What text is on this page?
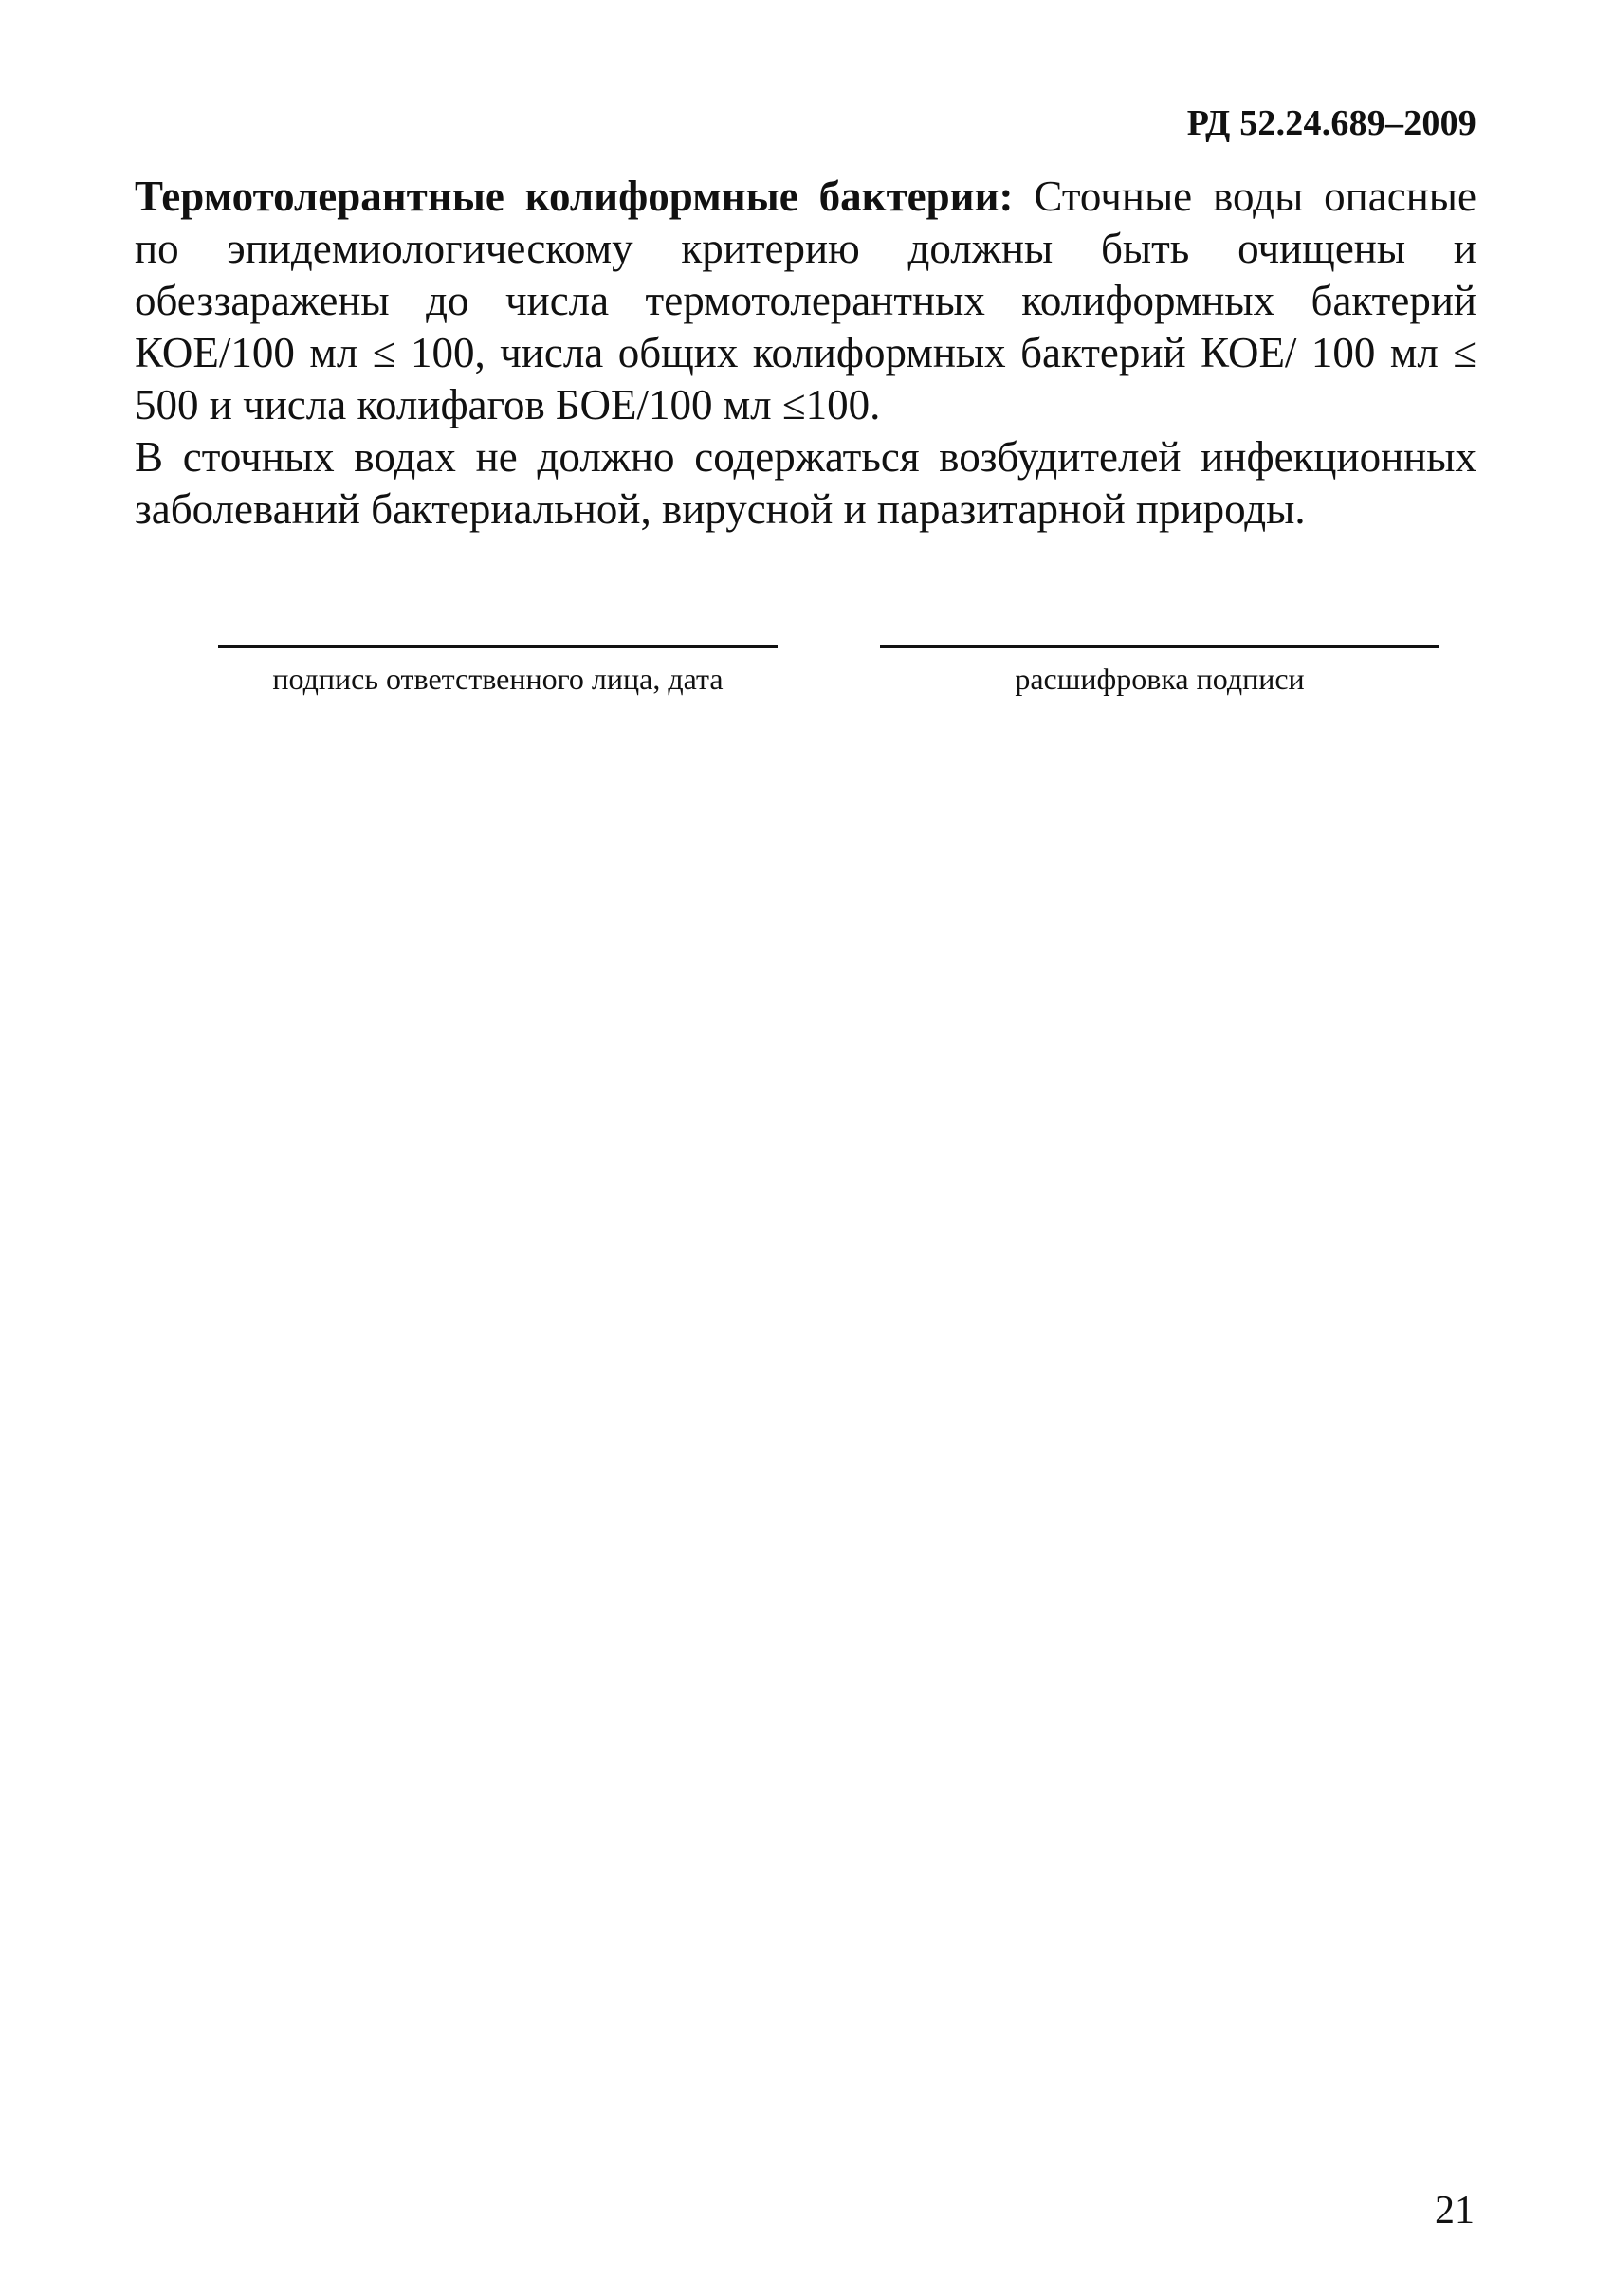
РД 52.24.689–2009

Термотолерантные колиформные бактерии: Сточные воды опасные по эпидемиологическому критерию должны быть очищены и обеззаражены до числа термотолерантных колиформных бактерий КОЕ/100 мл ≤ 100, числа общих колиформных бактерий КОЕ/ 100 мл ≤ 500 и числа колифагов БОЕ/100 мл ≤100.

В сточных водах не должно содержаться возбудителей инфекционных заболеваний бактериальной, вирусной и паразитарной природы.

подпись ответственного лица, дата	расшифровка подписи
21
